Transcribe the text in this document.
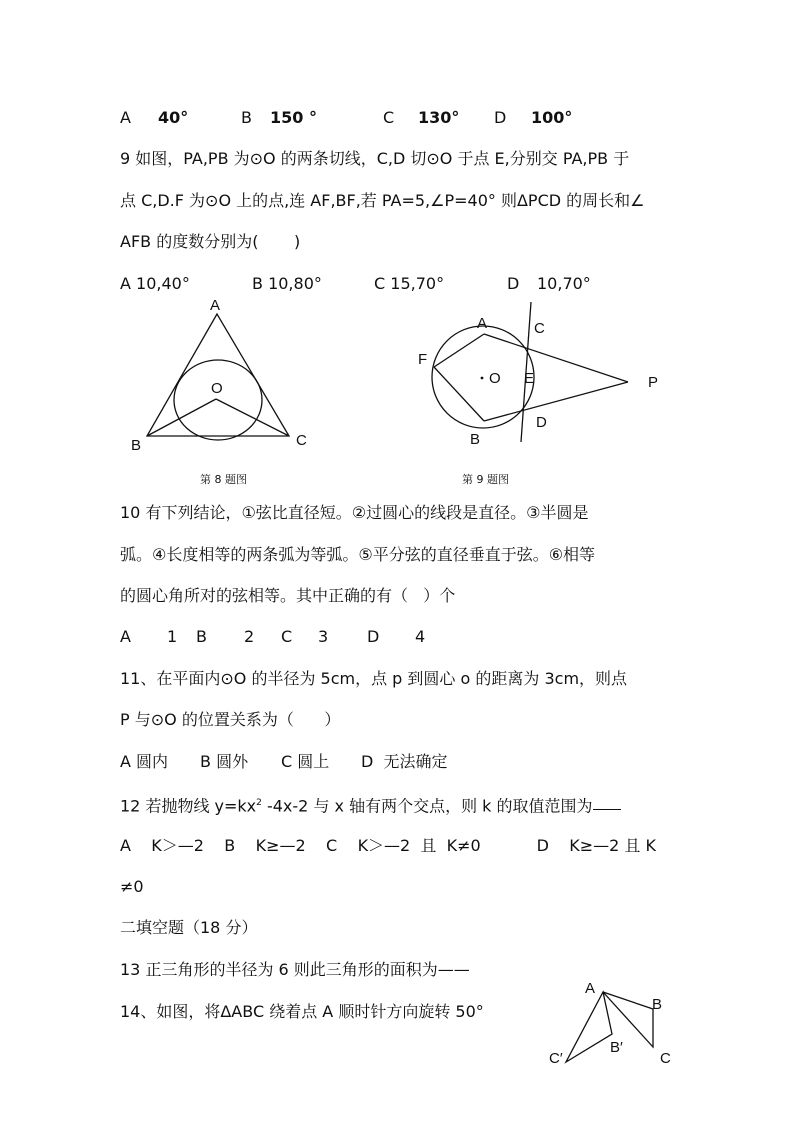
A 40°	B 150 °	C 130° D 100°
9 如图，PA,PB 为⊙O 的两条切线，C,D 切⊙O 于点 E,分别交 PA,PB 于
点 C,D.F 为⊙O 上的点,连 AF,BF,若 PA=5,∠P=40° 则ΔPCD 的周长和∠
AFB 的度数分别为(       )
A 10,40°	B 10,80°	C 15,70°	D 10,70°
A
O
B	C
第 8 题图
A	C
F
O E	P
D
B
第 9 题图
10 有下列结论，①弦比直径短。②过圆心的线段是直径。③半圆是
弧。④长度相等的两条弧为等弧。⑤平分弦的直径垂直于弦。⑥相等
的圆心角所对的弦相等。其中正确的有（   ）个
A 1 B 2 C 3 D 4
11、在平面内⊙O 的半径为 5cm，点 p 到圆心 o 的距离为 3cm，则点
P 与⊙O 的位置关系为（      ）
A 圆内 B 圆外 C 圆上 D  无法确定
12 若抛物线 $y=kx^2$ -4x-2 与 x 轴有两个交点，则 k 的取值范围为
A    K＞—2    B    K≥—2    C    K＞—2  且  K≠0           D    K≥—2 且 K
≠0
二填空题（18 分）
13 正三角形的半径为 6 则此三角形的面积为——
14、如图，将ΔABC 绕着点 A 顺时针方向旋转 50°
A
B
C
B′
C′
